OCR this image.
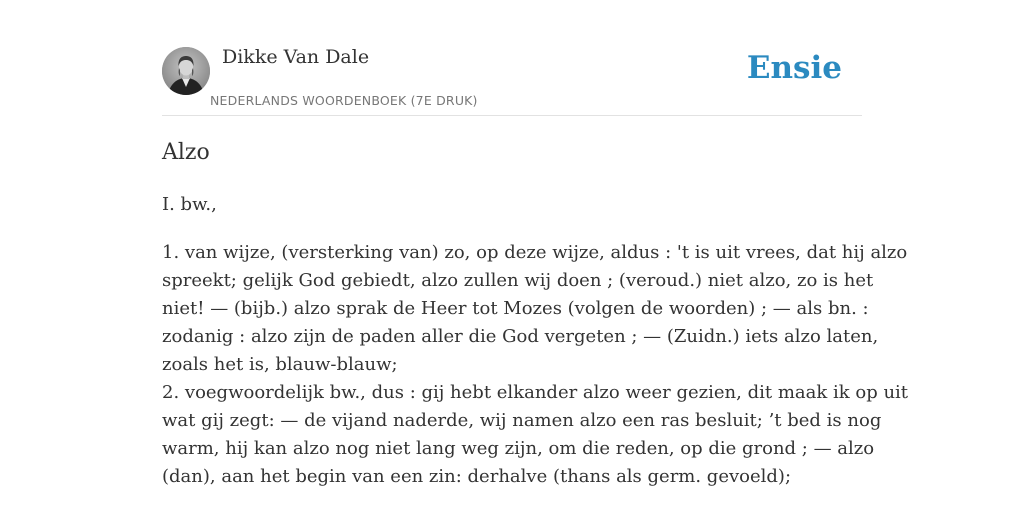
Dikke Van Dale
NEDERLANDS WOORDENBOEK (7E DRUK)
Ensie
Alzo

I. bw.,

1. van wijze, (versterking van) zo, op deze wijze, aldus : 't is uit vrees, dat hij alzo
spreekt; gelijk God gebiedt, alzo zullen wij doen ; (veroud.) niet alzo, zo is het
niet! — (bijb.) alzo sprak de Heer tot Mozes (volgen de woorden) ; — als bn. :
zodanig : alzo zijn de paden aller die God vergeten ; — (Zuidn.) iets alzo laten,
zoals het is, blauw-blauw;
2. voegwoordelijk bw., dus : gij hebt elkander alzo weer gezien, dit maak ik op uit
wat gij zegt: — de vijand naderde, wij namen alzo een ras besluit; ’t bed is nog
warm, hij kan alzo nog niet lang weg zijn, om die reden, op die grond ; — alzo
(dan), aan het begin van een zin: derhalve (thans als germ. gevoeld);
